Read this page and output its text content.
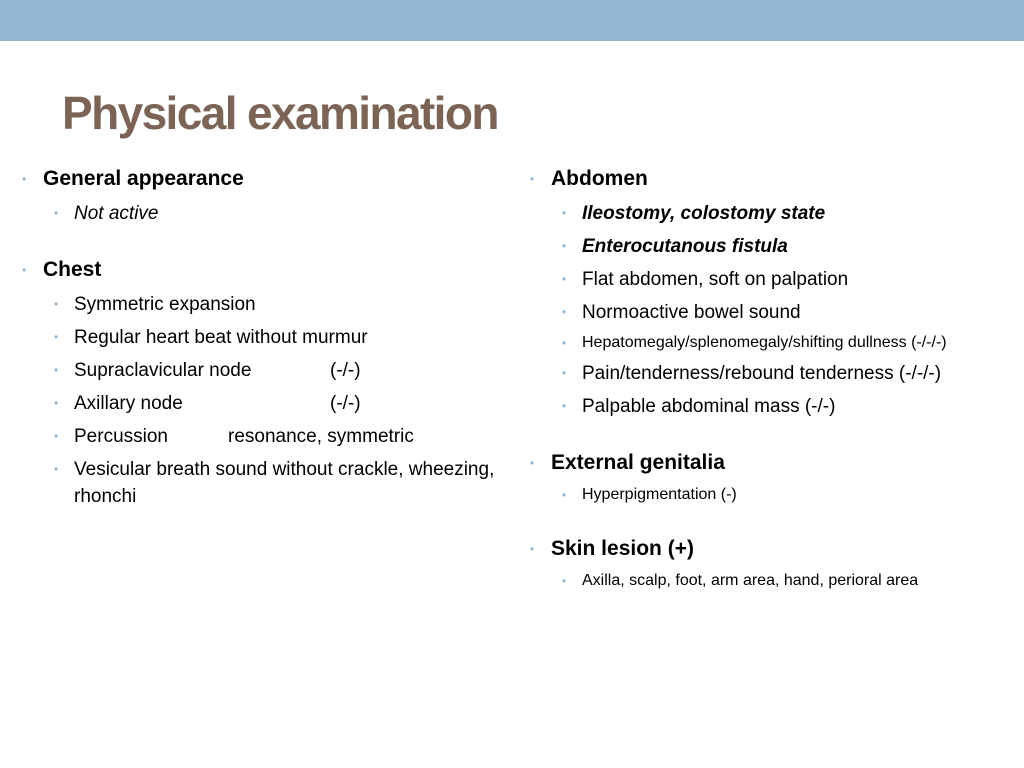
Physical examination
• General appearance
• Not active
• Chest
• Symmetric expansion
• Regular heart beat without murmur
• Supraclavicular node	(-/-)
• Axillary node	(-/-)
• Percussion	resonance, symmetric
• Vesicular breath sound without crackle, wheezing, rhonchi
• Abdomen
• Ileostomy, colostomy state
• Enterocutanous fistula
• Flat abdomen, soft on palpation
• Normoactive bowel sound
• Hepatomegaly/splenomegaly/shifting dullness (-/-/-)
• Pain/tenderness/rebound tenderness (-/-/-)
• Palpable abdominal mass (-/-)
• External genitalia
• Hyperpigmentation (-)
• Skin lesion (+)
• Axilla, scalp, foot, arm area, hand, perioral area
